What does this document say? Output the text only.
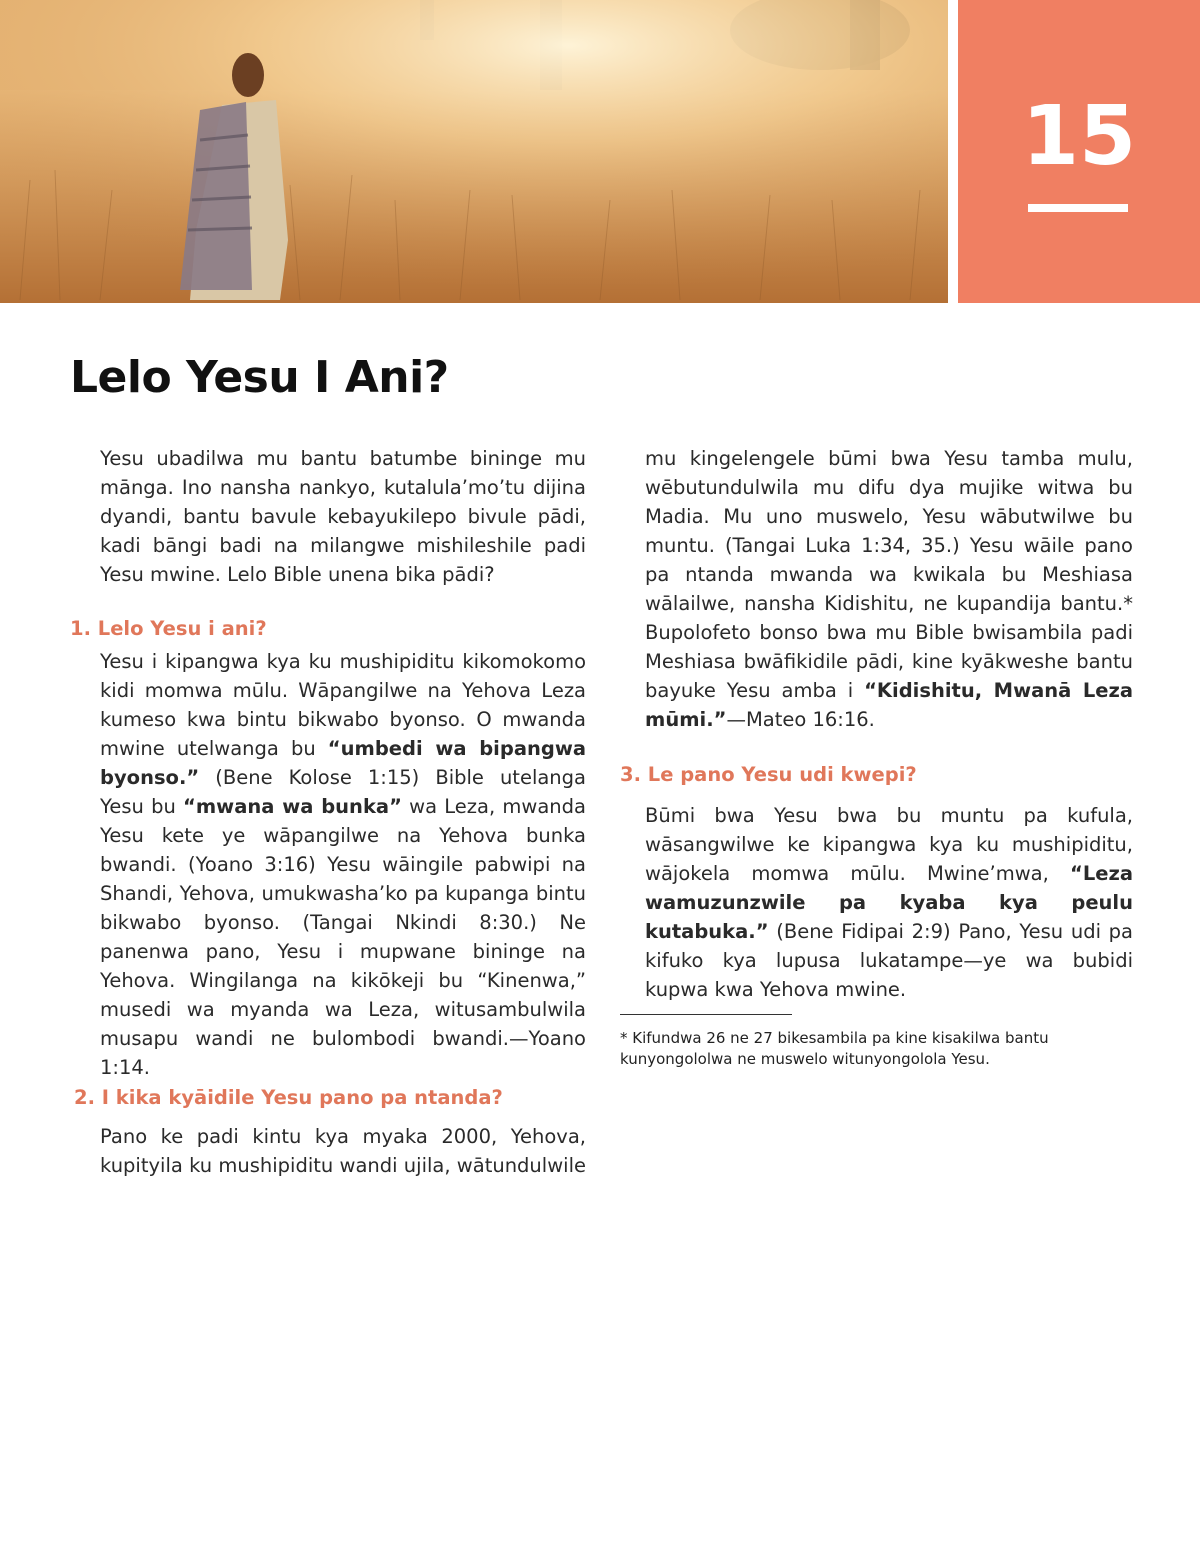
15
Lelo Yesu I Ani?

Yesu ubadilwa mu bantu batumbe bininge mu mānga. Ino nansha nankyo, kutalulaʼmoʼtu dijina dyandi, bantu bavule kebayukilepo bivule pādi, kadi bāngi badi na milangwe mishileshile padi Yesu mwine. Lelo Bible unena bika pādi?

Yesu i kipangwa kya ku mushipiditu kikomokomo kidi momwa mūlu. Wāpangilwe na Yehova Leza kumeso kwa bintu bikwabo byonso. O mwanda mwine utelwanga bu “umbedi wa bipangwa byonso.” (Bene Kolose 1:15) Bible utelanga Yesu bu “mwana wa bunka” wa Leza, mwanda Yesu kete ye wāpangilwe na Yehova bunka bwandi. (Yoano 3:16) Yesu wāingile pabwipi na Shandi, Yehova, umukwashaʼko pa kupanga bintu bikwabo byonso. (Tangai Nkindi 8:30.) Ne panenwa pano, Yesu i mupwane bininge na Yehova. Wingilanga na kikōkeji bu “Kinenwa,” musedi wa myanda wa Leza, witusambulwila musapu wandi ne bulombodi bwandi.—Yoano 1:14.

1. Lelo Yesu i ani?
2. I kika kyāidile Yesu pano pa ntanda?

Pano ke padi kintu kya myaka 2000, Yehova, kupityila ku mushipiditu wandi ujila, wātundulwile

mu kingelengele būmi bwa Yesu tamba mulu, wēbutundulwila mu difu dya mujike witwa bu Madia. Mu uno muswelo, Yesu wābutwilwe bu muntu. (Tangai Luka 1:34, 35.) Yesu wāile pano pa ntanda mwanda wa kwikala bu Meshiasa wālailwe, nansha Kidishitu, ne kupandija bantu.* Bupolofeto bonso bwa mu Bible bwisambila padi Meshiasa bwāfikidile pādi, kine kyākweshe bantu bayuke Yesu amba i “Kidishitu, Mwanā Leza mūmi.”—Mateo 16:16.

Būmi bwa Yesu bwa bu muntu pa kufula, wāsangwilwe ke kipangwa kya ku mushipiditu, wājokela momwa mūlu. Mwineʼmwa, “Leza wamuzunzwile pa kyaba kya peulu kutabuka.” (Bene Fidipai 2:9) Pano, Yesu udi pa kifuko kya lupusa lukatampe—ye wa bubidi kupwa kwa Yehova mwine.

3. Le pano Yesu udi kwepi?

* Kifundwa 26 ne 27 bikesambila pa kine kisakilwa bantu kunyongololwa ne muswelo witunyongolola Yesu.
